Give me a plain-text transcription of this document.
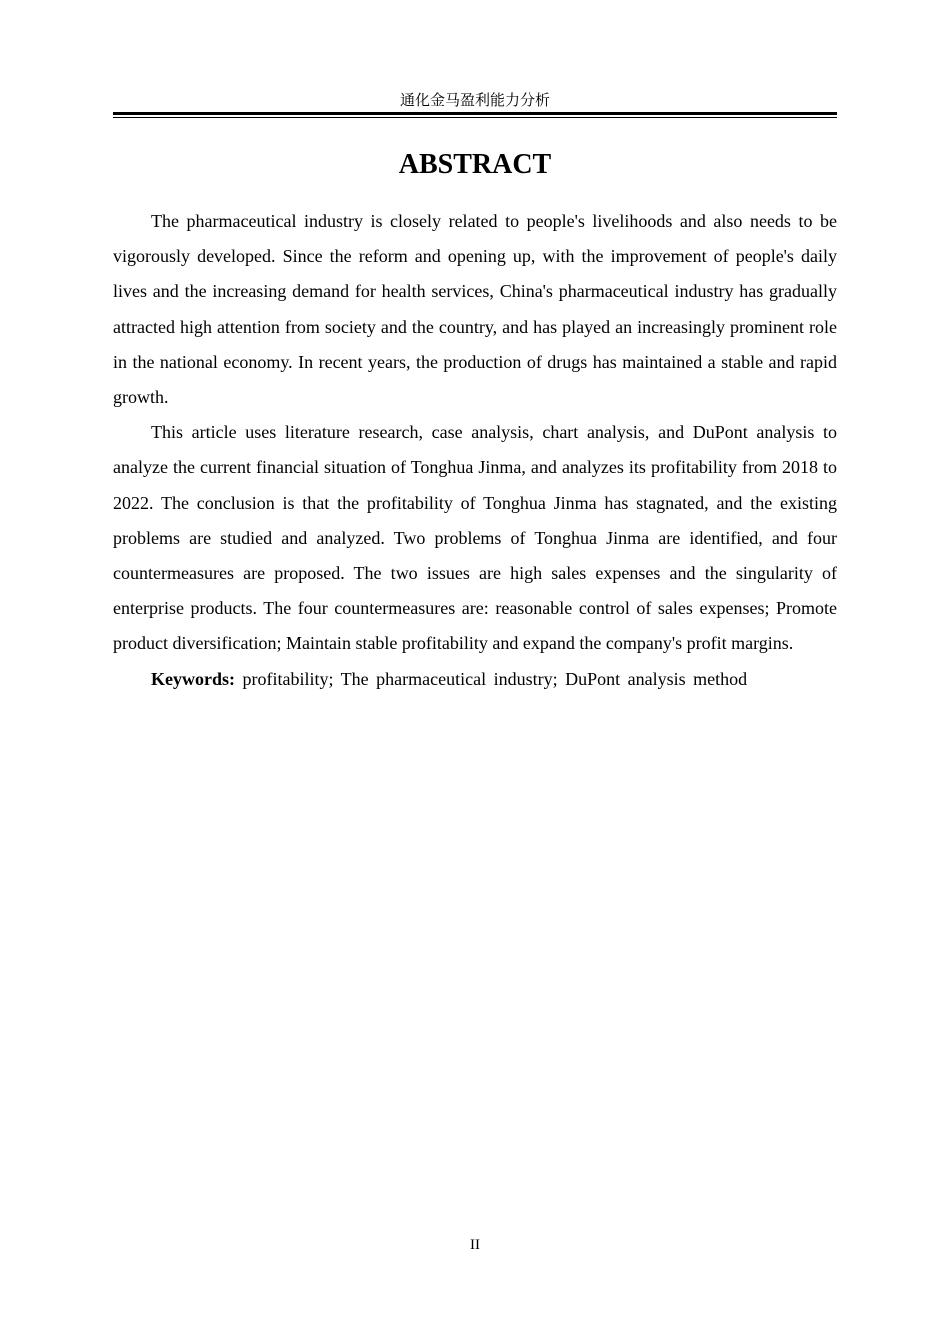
通化金马盈利能力分析
ABSTRACT

The pharmaceutical industry is closely related to people's livelihoods and also needs to be vigorously developed. Since the reform and opening up, with the improvement of people's daily lives and the increasing demand for health services, China's pharmaceutical industry has gradually attracted high attention from society and the country, and has played an increasingly prominent role in the national economy. In recent years, the production of drugs has maintained a stable and rapid growth.

This article uses literature research, case analysis, chart analysis, and DuPont analysis to analyze the current financial situation of Tonghua Jinma, and analyzes its profitability from 2018 to 2022. The conclusion is that the profitability of Tonghua Jinma has stagnated, and the existing problems are studied and analyzed. Two problems of Tonghua Jinma are identified, and four countermeasures are proposed. The two issues are high sales expenses and the singularity of enterprise products. The four countermeasures are: reasonable control of sales expenses; Promote product diversification; Maintain stable profitability and expand the company's profit margins.

Keywords: profitability; The pharmaceutical industry; DuPont analysis method

II
